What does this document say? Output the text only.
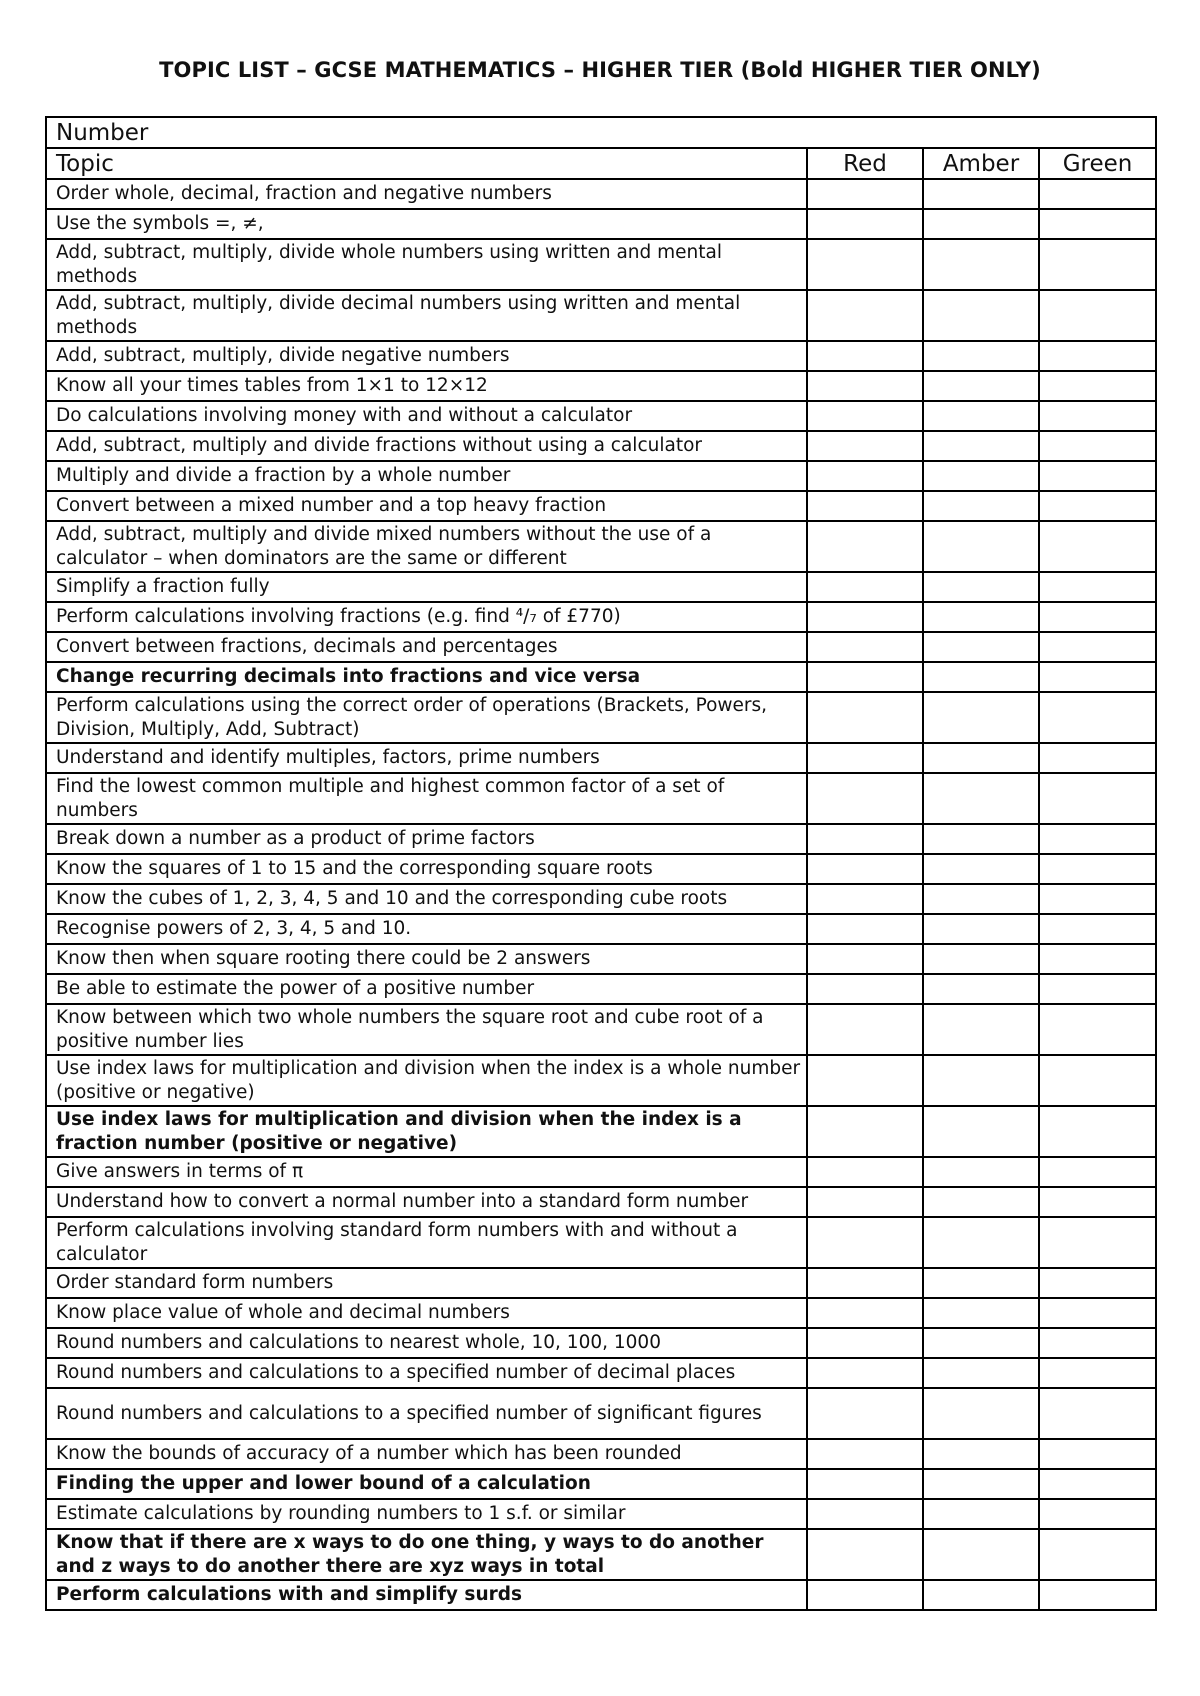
TOPIC LIST – GCSE MATHEMATICS – HIGHER TIER (Bold HIGHER TIER ONLY)
Number			
Topic	Red	Amber	Green
Order whole, decimal, fraction and negative numbers			
Use the symbols =, ≠,			
Add, subtract, multiply, divide whole numbers using written and mental methods			
Add, subtract, multiply, divide decimal numbers using written and mental methods			
Add, subtract, multiply, divide negative numbers			
Know all your times tables from 1×1 to 12×12			
Do calculations involving money with and without a calculator			
Add, subtract, multiply and divide fractions without using a calculator			
Multiply and divide a fraction by a whole number			
Convert between a mixed number and a top heavy fraction			
Add, subtract, multiply and divide mixed numbers without the use of a calculator – when dominators are the same or different			
Simplify a fraction fully			
Perform calculations involving fractions (e.g. find ⁴/₇ of £770)			
Convert between fractions, decimals and percentages			
Change recurring decimals into fractions and vice versa			
Perform calculations using the correct order of operations (Brackets, Powers, Division, Multiply, Add, Subtract)			
Understand and identify multiples, factors, prime numbers			
Find the lowest common multiple and highest common factor of a set of numbers			
Break down a number as a product of prime factors			
Know the squares of 1 to 15 and the corresponding square roots			
Know the cubes of 1, 2, 3, 4, 5 and 10 and the corresponding cube roots			
Recognise powers of 2, 3, 4, 5 and 10.			
Know then when square rooting there could be 2 answers			
Be able to estimate the power of a positive number			
Know between which two whole numbers the square root and cube root of a positive number lies			
Use index laws for multiplication and division when the index is a whole number (positive or negative)			
Use index laws for multiplication and division when the index is a fraction number (positive or negative)			
Give answers in terms of π			
Understand how to convert a normal number into a standard form number			
Perform calculations involving standard form numbers with and without a calculator			
Order standard form numbers			
Know place value of whole and decimal numbers			
Round numbers and calculations to nearest whole, 10, 100, 1000			
Round numbers and calculations to a specified number of decimal places			
Round numbers and calculations to a specified number of significant figures			
Know the bounds of accuracy of a number which has been rounded			
Finding the upper and lower bound of a calculation			
Estimate calculations by rounding numbers to 1 s.f. or similar			
Know that if there are x ways to do one thing, y ways to do another and z ways to do another there are xyz ways in total			
Perform calculations with and simplify surds			
